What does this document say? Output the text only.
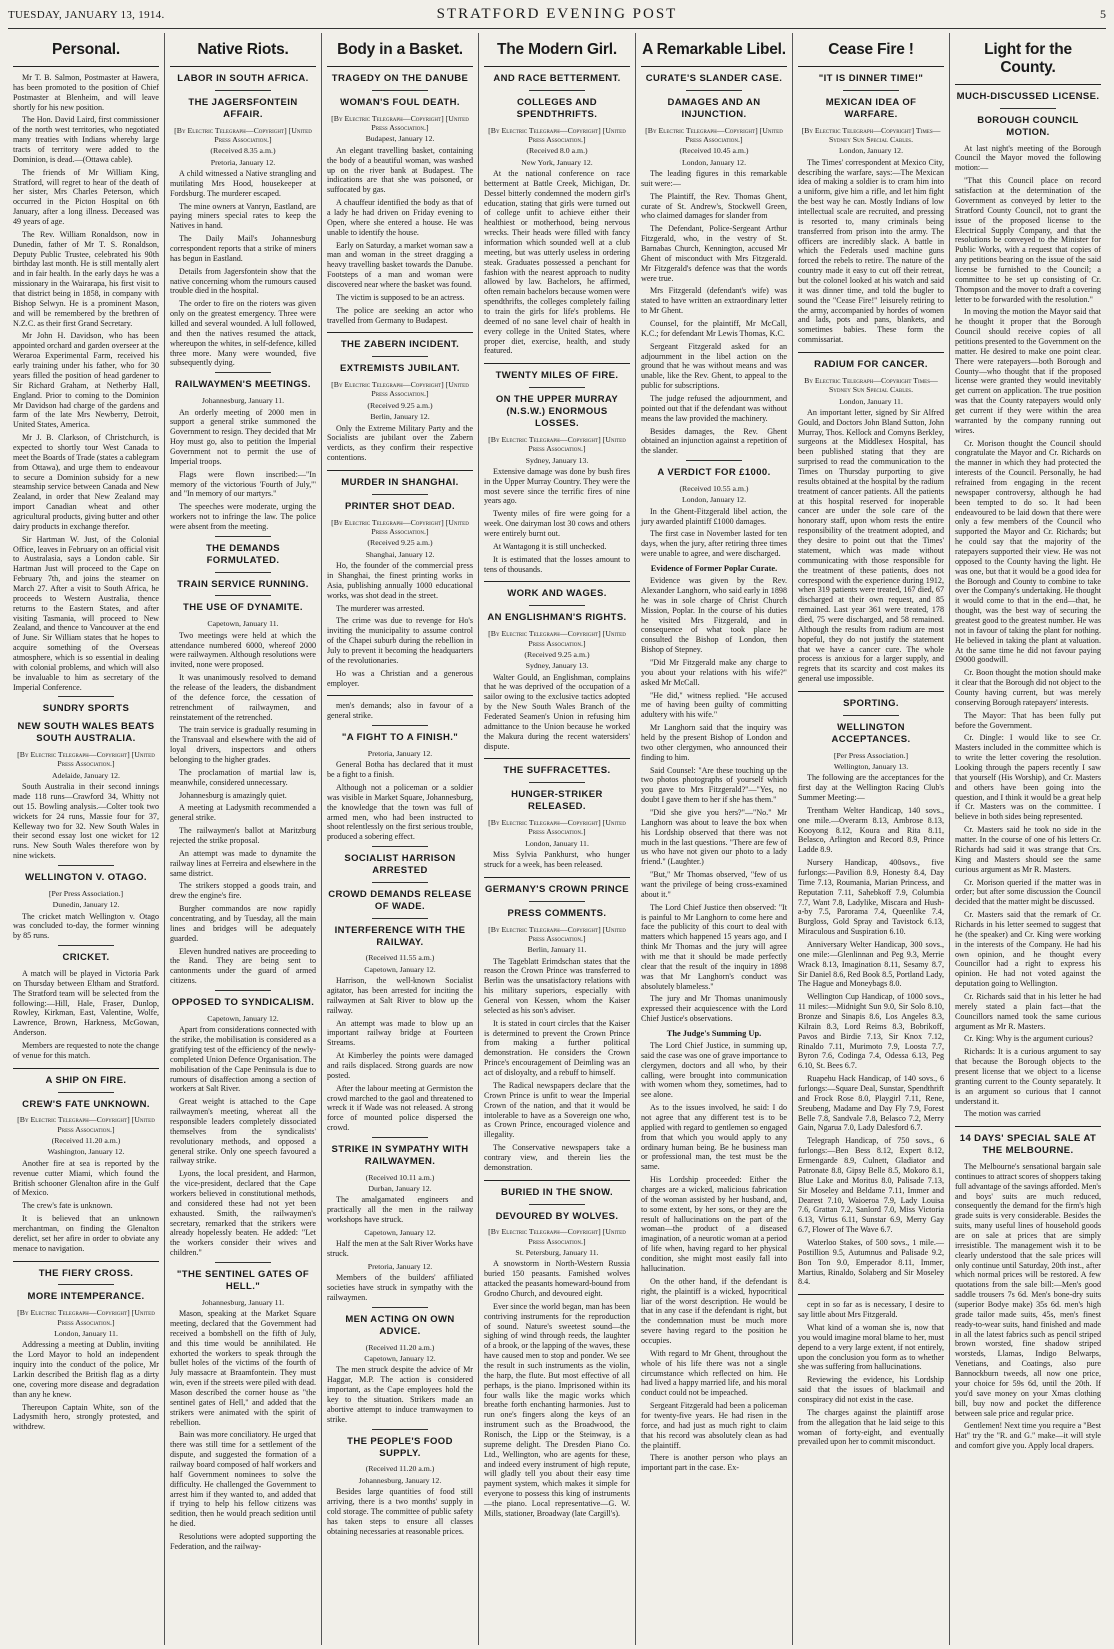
TUESDAY, JANUARY 13, 1914.	STRATFORD EVENING POST	5
Personal.

Mr T. B. Salmon, Postmaster at Hawera, has been promoted to the position of Chief Postmaster at Blenheim, and will leave shortly for his new position.

The Hon. David Laird, first commissioner of the north west territories, who negotiated many treaties with Indians whereby large tracts of territory were added to the Dominion, is dead.—(Ottawa cable).

The friends of Mr William King, Stratford, will regret to hear of the death of her sister, Mrs Charles Peterson, which occurred in the Picton Hospital on 6th January, after a long illness. Deceased was 49 years of age.

The Rev. William Ronaldson, now in Dunedin, father of Mr T. S. Ronaldson, Deputy Public Trustee, celebrated his 90th birthday last month. He is still mentally alert and in fair health. In the early days he was a missionary in the Wairarapa, his first visit to that district being in 1858, in company with Bishop Selwyn. He is a prominent Mason, and will be remembered by the brethren of N.Z.C. as their first Grand Secretary.

Mr John H. Davidson, who has been appointed orchard and garden overseer at the Weraroa Experimental Farm, received his early training under his father, who for 30 years filled the position of head gardener to Sir Richard Graham, at Netherby Hall, England. Prior to coming to the Dominion Mr Davidson had charge of the gardens and farm of the late Mrs Newberry, Detroit, United States, America.

Mr J. B. Clarkson, of Christchurch, is expected to shortly tour West Canada to meet the Boards of Trade (states a cablegram from Ottawa), and urge them to endeavour to secure a Dominion subsidy for a new steamship service between Canada and New Zealand, in order that New Zealand may import Canadian wheat and other agricultural products, giving butter and other dairy products in exchange therefor.

Sir Hartman W. Just, of the Colonial Office, leaves in February on an official visit to Australasia, says a London cable. Sir Hartman Just will proceed to the Cape on February 7th, and joins the steamer on March 27. After a visit to South Africa, he proceeds to Western Australia, thence returns to the Eastern States, and after visiting Tasmania, will proceed to New Zealand, and thence to Vancouver at the end of June. Sir William states that he hopes to acquire something of the Overseas atmosphere, which is so essential in dealing with colonial problems, and which will also be invaluable to him as secretary of the Imperial Conference.

SUNDRY SPORTS
NEW SOUTH WALES BEATS SOUTH AUSTRALIA.
[By Electric Telegraph—Copyright] [United Press Association.]
Adelaide, January 12.

South Australia in their second innings made 118 runs—Crawford 34, Whitty not out 15. Bowling analysis.—Colter took two wickets for 24 runs, Massie four for 37, Kelleway two for 32. New South Wales in their second essay lost one wicket for 12 runs. New South Wales therefore won by nine wickets.

WELLINGTON V. OTAGO.
[Per Press Association.]
Dunedin, January 12.

The cricket match Wellington v. Otago was concluded to-day, the former winning by 85 runs.

CRICKET.

A match will be played in Victoria Park on Thursday between Eltham and Stratford. The Stratford team will be selected from the following:—Hill, Hale, Fraser, Dunlop, Rowley, Kirkman, East, Valentine, Wolfe, Lawrence, Brown, Harkness, McGowan, Anderson.

Members are requested to note the change of venue for this match.

A SHIP ON FIRE.
CREW'S FATE UNKNOWN.
[By Electric Telegraph—Copyright] [United Press Association.]
(Received 11.20 a.m.)
Washington, January 12.

Another fire at sea is reported by the revenue cutter Miami, which found the British schooner Glenalton afire in the Gulf of Mexico.

The crew's fate is unknown.

It is believed that an unknown merchantman, on finding the Glenalton derelict, set her afire in order to obviate any menace to navigation.

THE FIERY CROSS.
MORE INTEMPERANCE.
[By Electric Telegraph—Copyright] [United Press Association.]
London, January 11.

Addressing a meeting at Dublin, inviting the Lord Mayor to hold an independent inquiry into the conduct of the police, Mr Larkin described the British flag as a dirty one, covering more disease and degradation than any he knew.

Thereupon Captain White, son of the Ladysmith hero, strongly protested, and withdrew.

Native Riots.
LABOR IN SOUTH AFRICA.
THE JAGERSFONTEIN AFFAIR.
[By Electric Telegraph—Copyright] [United Press Association.]
(Received 8.35 a.m.)
Pretoria, January 12.

A child witnessed a Native strangling and mutilating Mrs Hood, housekeeper at Fordsburg. The murderer escaped.

The mine owners at Vanryn, Eastland, are paying miners special rates to keep the Natives in hand.

The Daily Mail's Johannesburg correspondent reports that a strike of miners has begun in Eastland.

Details from Jagersfontein show that the native concerning whom the rumours caused trouble died in the hospital.

The order to fire on the rioters was given only on the greatest emergency. Three were killed and several wounded. A lull followed, and then the natives resumed the attack, whereupon the whites, in self-defence, killed three more. Many were wounded, five subsequently dying.

RAILWAYMEN'S MEETINGS.
Johannesburg, January 11.

An orderly meeting of 2000 men in support a general strike summoned the Government to resign. They decided that Mr Hoy must go, also to petition the Imperial Government not to permit the use of Imperial troops.

Flags were flown inscribed:—"In memory of the victorious 'Fourth of July,'" and "In memory of our martyrs."

The speeches were moderate, urging the workers not to infringe the law. The police were absent from the meeting.

THE DEMANDS FORMULATED.
TRAIN SERVICE RUNNING.
THE USE OF DYNAMITE.
Capetown, January 11.

Two meetings were held at which the attendance numbered 6000, whereof 2000 were railwaymen. Although resolutions were invited, none were proposed.

It was unanimously resolved to demand the release of the leaders, the disbandment of the defence force, the cessation of retrenchment of railwaymen, and reinstatement of the retrenched.

The train service is gradually resuming in the Transvaal and elsewhere with the aid of loyal drivers, inspectors and others belonging to the higher grades.

The proclamation of martial law is, meanwhile, considered unnecessary.

Johannesburg is amazingly quiet.

A meeting at Ladysmith recommended a general strike.

The railwaymen's ballot at Maritzburg rejected the strike proposal.

An attempt was made to dynamite the railway lines at Ferreira and elsewhere in the same district.

The strikers stopped a goods train, and drew the engine's fire.

Burgher commandos are now rapidly concentrating, and by Tuesday, all the main lines and bridges will be adequately guarded.

Eleven hundred natives are proceeding to the Rand. They are being sent to cantonments under the guard of armed citizens.

OPPOSED TO SYNDICALISM.
Capetown, January 12.

Apart from considerations connected with the strike, the mobilisation is considered as a gratifying test of the efficiency of the newly-completed Union Defence Organisation. The mobilisation of the Cape Peninsula is due to rumours of disaffection among a section of workers at Salt River.

Great weight is attached to the Cape railwaymen's meeting, whereat all the responsible leaders completely dissociated themselves from the syndicalists' revolutionary methods, and opposed a general strike. Only one speech favoured a railway strike.

Lyons, the local president, and Harmon, the vice-president, declared that the Cape workers believed in constitutional methods, and considered these had not yet been exhausted. Smith, the railwaymen's secretary, remarked that the strikers were already hopelessly beaten. He added: "Let the workers consider their wives and children."

"THE SENTINEL GATES OF HELL."
Johannesburg, January 11.

Mason, speaking at the Market Square meeting, declared that the Government had received a bombshell on the fifth of July, and this time would be annihilated. He exhorted the workers to speak through the bullet holes of the victims of the fourth of July massacre at Braamfontein. They must win, even if the streets were piled with dead. Mason described the corner house as "the sentinel gates of Hell," and added that the strikers were animated with the spirit of rebellion.

Bain was more conciliatory. He urged that there was still time for a settlement of the dispute, and suggested the formation of a railway board composed of half workers and half Government nominees to solve the difficulty. He challenged the Government to arrest him if they wanted to, and added that if trying to help his fellow citizens was sedition, then he would preach sedition until he died.

Resolutions were adopted supporting the Federation, and the railway-

Body in a Basket.
TRAGEDY ON THE DANUBE
WOMAN'S FOUL DEATH.
[By Electric Telegraph—Copyright] [United Press Association.]
Budapest, January 12.

An elegant travelling basket, containing the body of a beautiful woman, was washed up on the river bank at Budapest. The indications are that she was poisoned, or suffocated by gas.

A chauffeur identified the body as that of a lady he had driven on Friday evening to Open, where she entered a house. He was unable to identify the house.

Early on Saturday, a market woman saw a man and woman in the street dragging a heavy travelling basket towards the Danube. Footsteps of a man and woman were discovered near where the basket was found.

The victim is supposed to be an actress.

The police are seeking an actor who travelled from Germany to Budapest.

THE ZABERN INCIDENT.
EXTREMISTS JUBILANT.
[By Electric Telegraph—Copyright] [United Press Association.]
(Received 9.25 a.m.)
Berlin, January 12.

Only the Extreme Military Party and the Socialists are jubilant over the Zabern verdicts, as they confirm their respective contentions.

MURDER IN SHANGHAI.
PRINTER SHOT DEAD.
[By Electric Telegraph—Copyright] [United Press Association.]
(Received 9.25 a.m.)
Shanghai, January 12.

Ho, the founder of the commercial press in Shanghai, the finest printing works in Asia, publishing annually 1000 educational works, was shot dead in the street.

The murderer was arrested.

The crime was due to revenge for Ho's inviting the municipality to assume control of the Chapei suburb during the rebellion in July to prevent it becoming the headquarters of the revolutionaries.

Ho was a Christian and a generous employer.

men's demands; also in favour of a general strike.

"A FIGHT TO A FINISH."
Pretoria, January 12.

General Botha has declared that it must be a fight to a finish.

Although not a policeman or a soldier was visible in Market Square, Johannesburg, the knowledge that the town was full of armed men, who had been instructed to shoot relentlessly on the first serious trouble, produced a sobering effect.

SOCIALIST HARRISON ARRESTED
CROWD DEMANDS RELEASE OF WADE.
INTERFERENCE WITH THE RAILWAY.
(Received 11.55 a.m.)
Capetown, January 12.

Harrison, the well-known Socialist agitator, has been arrested for inciting the railwaymen at Salt River to blow up the railway.

An attempt was made to blow up an important railway bridge at Fourteen Streams.

At Kimberley the points were damaged and rails displaced. Strong guards are now posted.

After the labour meeting at Germiston the crowd marched to the gaol and threatened to wreck it if Wade was not released. A strong force of mounted police dispersed the crowd.

STRIKE IN SYMPATHY WITH RAILWAYMEN.
(Received 10.11 a.m.)
Durban, January 12.

The amalgamated engineers and practically all the men in the railway workshops have struck.

Capetown, January 12.

Half the men at the Salt River Works have struck.

Pretoria, January 12.

Members of the builders' affiliated societies have struck in sympathy with the railwaymen.

MEN ACTING ON OWN ADVICE.
(Received 11.20 a.m.)
Capetown, January 12.

The men struck despite the advice of Mr Haggar, M.P. The action is considered important, as the Cape employees hold the key to the situation. Strikers made an abortive attempt to induce tramwaymen to strike.

THE PEOPLE'S FOOD SUPPLY.
(Received 11.20 a.m.)
Johannesburg, January 12.

Besides large quantities of food still arriving, there is a two months' supply in cold storage. The committee of public safety has taken steps to ensure all classes obtaining necessaries at reasonable prices.

The Modern Girl.
AND RACE BETTERMENT.
COLLEGES AND SPENDTHRIFTS.
[By Electric Telegraph—Copyright] [United Press Association.]
(Received 8.0 a.m.)
New York, January 12.

At the national conference on race betterment at Battle Creek, Michigan, Dr. Dessel bitterly condemned the modern girl's education, stating that girls were turned out of college unfit to achieve either their healthiest or motherhood, being nervous wrecks. Their heads were filled with fancy information which sounded well at a club meeting, but was utterly useless in ordering steak. Graduates possessed a penchant for fashion with the nearest approach to nudity allowed by law. Bachelors, he affirmed, often remain bachelors because women were spendthrifts, the colleges completely failing to train the girls for life's problems. He deemed of no sane level chair of health in every college in the United States, where proper diet, exercise, health, and study featured.

TWENTY MILES OF FIRE.
ON THE UPPER MURRAY (N.S.W.) ENORMOUS LOSSES.
[By Electric Telegraph—Copyright] [United Press Association.]
Sydney, January 13.

Extensive damage was done by bush fires in the Upper Murray Country. They were the most severe since the terrific fires of nine years ago.

Twenty miles of fire were going for a week. One dairyman lost 30 cows and others were entirely burnt out.

At Wantagong it is still unchecked.

It is estimated that the losses amount to tens of thousands.

WORK AND WAGES.
AN ENGLISHMAN'S RIGHTS.
[By Electric Telegraph—Copyright] [United Press Association.]
(Received 9.25 a.m.)
Sydney, January 13.

Walter Gould, an Englishman, complains that he was deprived of the occupation of a sailor owing to the exclusive tactics adopted by the New South Wales Branch of the Federated Seamen's Union in refusing him admittance to the Union because he worked the Makura during the recent watersiders' dispute.

THE SUFFRACETTES.
HUNGER-STRIKER RELEASED.
[By Electric Telegraph—Copyright] [United Press Association.]
London, January 11.

Miss Sylvia Pankhurst, who hunger struck for a week, has been released.

GERMANY'S CROWN PRINCE
PRESS COMMENTS.
[By Electric Telegraph—Copyright] [United Press Association.]
Berlin, January 11.

The Tageblatt Erimdschan states that the reason the Crown Prince was transferred to Berlin was the unsatisfactory relations with his military superiors, especially with General von Kessen, whom the Kaiser selected as his son's adviser.

It is stated in court circles that the Kaiser is determined to prevent the Crown Prince from making a further political demonstration. He considers the Crown Prince's encouragement of Deimling was an act of disloyalty, and a rebuff to himself.

The Radical newspapers declare that the Crown Prince is unfit to wear the Imperial Crown of the nation, and that it would be intolerable to have as a Sovereign one who, as Crown Prince, encouraged violence and illegality.

The Conservative newspapers take a contrary view, and therein lies the demonstration.

BURIED IN THE SNOW.
DEVOURED BY WOLVES.
[By Electric Telegraph—Copyright] [United Press Association.]
St. Petersburg, January 11.

A snowstorm in North-Western Russia buried 150 peasants. Famished wolves attacked the peasants homeward-bound from Grodno Church, and devoured eight.

Ever since the world began, man has been contriving instruments for the reproduction of sound. Nature's sweetest sound—the sighing of wind through reeds, the laughter of a brook, or the lapping of the waves, these have caused men to stop and ponder. We see the result in such instruments as the violin, the harp, the flute. But most effective of all perhaps, is the piano. Imprisoned within its four walls like the magic works which breathe forth enchanting harmonies. Just to run one's fingers along the keys of an instrument such as the Broadwood, the Ronisch, the Lipp or the Steinway, is a supreme delight. The Dresden Piano Co. Ltd., Wellington, who are agents for these, and indeed every instrument of high repute, will gladly tell you about their easy time payment system, which makes it simple for everyone to possess this king of instruments—the piano. Local representative—G. W. Mills, stationer, Broadway (late Cargill's).

A Remarkable Libel.
CURATE'S SLANDER CASE.
DAMAGES AND AN INJUNCTION.
[By Electric Telegraph—Copyright] [United Press Association.]
(Received 10.45 a.m.)
London, January 12.

The leading figures in this remarkable suit were:—

The Plaintiff, the Rev. Thomas Ghent, curate of St. Andrew's, Stockwell Green, who claimed damages for slander from

The Defendant, Police-Sergeant Arthur Fitzgerald, who, in the vestry of St. Barnabas Church, Kennington, accused Mr Ghent of misconduct with Mrs Fitzgerald. Mr Fitzgerald's defence was that the words were true.

Mrs Fitzgerald (defendant's wife) was stated to have written an extraordinary letter to Mr Ghent.

Counsel, for the plaintiff, Mr McCall, K.C.; for defendant Mr Lewis Thomas, K.C.

Sergeant Fitzgerald asked for an adjournment in the libel action on the ground that he was without means and was unable, like the Rev. Ghent, to appeal to the public for subscriptions.

The judge refused the adjournment, and pointed out that if the defendant was without means the law provided the machinery.

Besides damages, the Rev. Ghent obtained an injunction against a repetition of the slander.

A VERDICT FOR £1000.
(Received 10.55 a.m.)
London, January 12.

In the Ghent-Fitzgerald libel action, the jury awarded plaintiff £1000 damages.

The first case in November lasted for ten days, when the jury, after retiring three times were unable to agree, and were discharged.

Evidence of Former Poplar Curate.

Evidence was given by the Rev. Alexander Langhorn, who said early in 1898 he was in sole charge of Christ Church Mission, Poplar. In the course of his duties he visited Mrs Fitzgerald, and in consequence of what took place he consulted the Bishop of London, then Bishop of Stepney.

"Did Mr Fitzgerald make any charge to you about your relations with his wife?" asked Mr McCall.

"He did," witness replied. "He accused me of having been guilty of committing adultery with his wife."

Mr Langhorn said that the inquiry was held by the present Bishop of London and two other clergymen, who announced their finding to him.

Said Counsel: "Are these touching up the two photos photographs of yourself which you gave to Mrs Fitzgerald?"—"Yes, no doubt I gave them to her if she has them."

"Did she give you hers?"—"No." Mr Langhorn was about to leave the box when his Lordship observed that there was not much in the last questions. "There are few of us who have not given our photo to a lady friend." (Laughter.)

"But," Mr Thomas observed, "few of us want the privilege of being cross-examined about it."

The Lord Chief Justice then observed: "It is painful to Mr Langhorn to come here and face the publicity of this court to deal with matters which happened 15 years ago, and I think Mr Thomas and the jury will agree with me that it should be made perfectly clear that the result of the inquiry in 1898 was that Mr Langhorn's conduct was absolutely blameless."

The jury and Mr Thomas unanimously expressed their acquiescence with the Lord Chief Justice's observations.

The Judge's Summing Up.

The Lord Chief Justice, in summing up, said the case was one of grave importance to clergymen, doctors and all who, by their calling, were brought into communication with women whom they, sometimes, had to see alone.

As to the issues involved, he said: I do not agree that any different test is to be applied with regard to gentlemen so engaged from that which you would apply to any ordinary human being. Be he business man or professional man, the test must be the same.

His Lordship proceeded: Either the charges are a wicked, malicious fabrication of the woman assisted by her husband, and, to some extent, by her sons, or they are the result of hallucinations on the part of the woman—the product of a diseased imagination, of a neurotic woman at a period of life when, having regard to her physical condition, she might most easily fall into hallucination.

On the other hand, if the defendant is right, the plaintiff is a wicked, hypocritical liar of the worst description. He would be that in any case if the defendant is right, but the condemnation must be much more severe having regard to the position he occupies.

With regard to Mr Ghent, throughout the whole of his life there was not a single circumstance which reflected on him. He had lived a happy married life, and his moral conduct could not be impeached.

Sergeant Fitzgerald had been a policeman for twenty-five years. He had risen in the force, and had just as much right to claim that his record was absolutely clean as had the plaintiff.

There is another person who plays an important part in the case. Ex-

Cease Fire !
"IT IS DINNER TIME!"
MEXICAN IDEA OF WARFARE.
[By Electric Telegraph—Copyright] Times—Sydney Sun Special Cables.
London, January 12.

The Times' correspondent at Mexico City, describing the warfare, says:—The Mexican idea of making a soldier is to cram him into a uniform, give him a rifle, and let him fight the best way he can. Mostly Indians of low intellectual scale are recruited, and pressing is resorted to, many criminals being transferred from prison into the army. The officers are incredibly slack. A battle in which the Federals used machine guns forced the rebels to retire. The nature of the country made it easy to cut off their retreat, but the colonel looked at his watch and said it was dinner time, and told the bugler to sound the "Cease Fire!" leisurely retiring to the army, accompanied by hordes of women and lads, pots and pans, blankets, and sometimes babies. These form the commissariat.

RADIUM FOR CANCER.
By Electric Telegraph—Copyright Times—Sydney Sun Special Cables.
London, January 11.

An important letter, signed by Sir Alfred Gould, and Doctors John Bland Sutton, John Murray, Thos. Kellock and Comyns Berkley, surgeons at the Middlesex Hospital, has been published stating that they are surprised to read the communication to the Times on Thursday purporting to give results obtained at the hospital by the radium treatment of cancer patients. All the patients at this hospital reserved for inoperable cancer are under the sole care of the honorary staff, upon whom rests the entire responsibility of the treatment adopted, and they desire to point out that the Times' statement, which was made without communicating with those responsible for the treatment of these patients, does not correspond with the experience during 1912, when 319 patients were treated, 167 died, 67 discharged at their own request, and 85 remained. Last year 361 were treated, 178 died, 75 were discharged, and 58 remained. Although the results from radium are most hopeful, they do not justify the statement that we have a cancer cure. The whole process is anxious for a larger supply, and regrets that its scarcity and cost makes its general use impossible.

SPORTING.
WELLINGTON ACCEPTANCES.
[Per Press Association.]
Wellington, January 13.

The following are the acceptances for the first day at the Wellington Racing Club's Summer Meeting:—

Trentham Welter Handicap, 140 sovs., one mile.—Overarm 8.13, Ambrose 8.13, Kooyong 8.12, Koura and Rita 8.11, Belasco, Arlington and Record 8.9, Prince Ladde 8.9.

Nursery Handicap, 400sovs., five furlongs:—Pavilion 8.9, Honesty 8.4, Day Time 7.13, Roumania, Marian Princess, and Reputation 7.11, Sahebkoff 7.9, Columbia 7.7, Want 7.8, Ladylike, Miscara and Hush-a-by 7.5, Parorama 7.4, Queenlike 7.4, Burgloss, Gold Spray and Tavistock 6.13, Miraculous and Suspiration 6.10.

Anniversary Welter Handicap, 300 sovs., one mile:—Glenlinnan and Peg 9.3, Merrie Wrack 8.13, Imagination 8.11, Sesamy 8.7, Sir Daniel 8.6, Red Book 8.5, Portland Lady, The Hague and Moneybags 8.0.

Wellington Cup Handicap, of 1000 sovs., 11 miles:—Midnight Sun 9.0, Sir Solo 8.10, Bronze and Sinapis 8.6, Los Angeles 8.3, Kilrain 8.3, Lord Reims 8.3, Bobrikoff, Pavos and Birdie 7.13, Sir Knox 7.12, Rinaldo 7.11, Murimoto 7.9, Loosta 7.7, Byron 7.6, Codinga 7.4, Odessa 6.13, Peg 6.10, St. Bees 6.7.

Ruapehu Hack Handicap, of 140 sovs., 6 furlongs:—Square Deal, Sunstar, Spendthrift and Frock Rose 8.0, Playgirl 7.11, Rene, Sreubeng, Madame and Day Fly 7.9, Forest Belle 7.8, Sandvale 7.8, Belasco 7.2, Merry Gain, Ngarua 7.0, Lady Dalesford 6.7.

Telegraph Handicap, of 750 sovs., 6 furlongs:—Ben Bess 8.12, Expert 8.12, Ermengarde 8.9, Culnett, Gladiator and Patronate 8.8, Gipsy Belle 8.5, Mokoro 8.1, Blue Lake and Moritus 8.0, Palisade 7.13, Sir Moseley and Beldame 7.11, Immer and Dearest 7.10, Waioeroa 7.9, Lady Louisa 7.6, Grattan 7.2, Sanlord 7.0, Miss Victoria 6.13, Virtus 6.11, Sunstar 6.9, Merry Gay 6.7, Flower of The Wave 6.7.

Waterloo Stakes, of 500 sovs., 1 mile.—Postillion 9.5, Autumnus and Palisade 9.2, Bon Ton 9.0, Emperador 8.11, Immer, Martius, Rinaldo, Solaberg and Sir Moseley 8.4.

cept in so far as is necessary, I desire to say little about Mrs Fitzgerald.

What kind of a woman she is, now that you would imagine moral blame to her, must depend to a very large extent, if not entirely, upon the conclusion you form as to whether she was suffering from hallucinations.

Reviewing the evidence, his Lordship said that the issues of blackmail and conspiracy did not exist in the case.

The charges against the plaintiff arose from the allegation that he laid seige to this woman of forty-eight, and eventually prevailed upon her to commit misconduct.

Light for the County.
MUCH-DISCUSSED LICENSE.
BOROUGH COUNCIL MOTION.

At last night's meeting of the Borough Council the Mayor moved the following motion:—

"That this Council place on record satisfaction at the determination of the Government as conveyed by letter to the Stratford County Council, not to grant the issue of the proposed license to the Electrical Supply Company, and that the resolutions be conveyed to the Minister for Public Works, with a request that copies of any petitions bearing on the issue of the said license be furnished to the Council; a committee to be set up consisting of Cr. Thompson and the mover to draft a covering letter to be forwarded with the resolution."

In moving the motion the Mayor said that he thought it proper that the Borough Council should receive copies of all petitions presented to the Government on the matter. He desired to make one point clear. There were ratepayers—both Borough and County—who thought that if the proposed license were granted they would inevitably get current on application. The true position was that the County ratepayers would only get current if they were within the area warranted by the company running out wires.

Cr. Morison thought the Council should congratulate the Mayor and Cr. Richards on the manner in which they had protected the interests of the Council. Personally, he had refrained from engaging in the recent newspaper controversy, although he had been tempted to do so. It had been endeavoured to be laid down that there were only a few members of the Council who supported the Mayor and Cr. Richards; but he could say that the majority of the ratepayers supported their view. He was not opposed to the County having the light. He was one, but that it would be a good idea for the Borough and County to combine to take over the Company's undertaking. He thought it would come to that in the end—that, he thought, was the best way of securing the greatest good to the greatest number. He was not in favour of taking the plant for nothing. He believed in taking the plant at valuation. At the same time he did not favour paying £9000 goodwill.

Cr. Boon thought the motion should make it clear that the Borough did not object to the County having current, but was merely conserving Borough ratepayers' interests.

The Mayor: That has been fully put before the Government.

Cr. Dingle: I would like to see Cr. Masters included in the committee which is to write the letter covering the resolution. Looking through the papers recently I saw that yourself (His Worship), and Cr. Masters and others have been going into the question, and I think it would be a great help if Cr. Masters was on the committee. I believe in both sides being represented.

Cr. Masters said he took no side in the matter. In the course of one of his letters Cr. Richards had said it was strange that Crs. King and Masters should see the same curious argument as Mr R. Masters.

Cr. Morison queried if the matter was in order; but after some discussion the Council decided that the matter might be discussed.

Cr. Masters said that the remark of Cr. Richards in his letter seemed to suggest that he (the speaker) and Cr. King were working in the interests of the Company. He had his own opinion, and he thought every Councillor had a right to express his opinion. He had not voted against the deputation going to Wellington.

Cr. Richards said that in his letter he had merely stated a plain fact—that the Councillors named took the same curious argument as Mr R. Masters.

Cr. King: Why is the argument curious?

Richards: It is a curious argument to say that because the Borough objects to the present license that we object to a license granting current to the County separately. It is an argument so curious that I cannot understand it.

The motion was carried

14 DAYS' SPECIAL SALE AT THE MELBOURNE.

The Melbourne's sensational bargain sale continues to attract scores of shoppers taking full advantage of the savings afforded. Men's and boys' suits are much reduced, consequently the demand for the firm's high grade suits is very considerable. Besides the suits, many useful lines of household goods are on sale at prices that are simply irresistible. The management wish it to be clearly understood that the sale prices will only continue until Saturday, 20th inst., after which normal prices will be restored. A few quotations from the sale bill:—Men's good saddle trousers 7s 6d. Men's bone-dry suits (superior Bodye make) 35s 6d. men's high grade tailor made suits, 45s, men's finest ready-to-wear suits, hand finished and made in all the latest fabrics such as pencil striped brown worsted, fine shadow striped worsteds, Llamas, Indigo Belwarps, Venetians, and Coatings, also pure Bannockburn tweeds, all now one price, your choice for 59s 6d, until the 20th. If you'd save money on your Xmas clothing bill, buy now and pocket the difference between sale price and regular price.

Gentlemen! Next time you require a "Best Hat" try the "R. and G." make—it will style and comfort give you. Apply local drapers.
